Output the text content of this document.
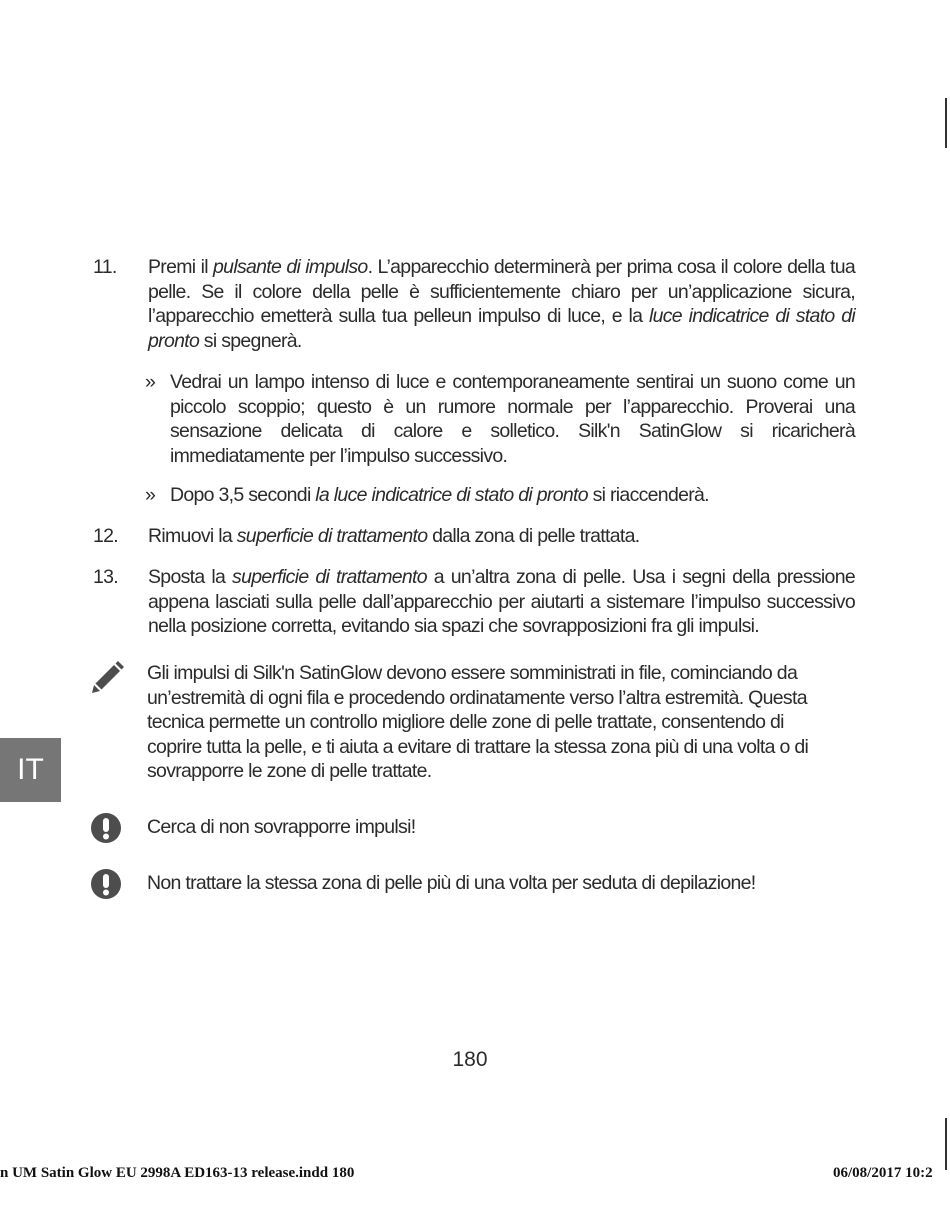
11. Premi il pulsante di impulso. L’apparecchio determinerà per prima cosa il colore della tua pelle. Se il colore della pelle è sufficientemente chiaro per un’applicazione sicura, l’apparecchio emetterà sulla tua pelleun impulso di luce, e la luce indicatrice di stato di pronto si spegnerà.
» Vedrai un lampo intenso di luce e contemporaneamente sentirai un suono come un piccolo scoppio; questo è un rumore normale per l’apparecchio. Proverai una sensazione delicata di calore e solletico. Silk'n SatinGlow si ricaricherà immediatamente per l’impulso successivo.
» Dopo 3,5 secondi la luce indicatrice di stato di pronto si riaccenderà.
12. Rimuovi la superficie di trattamento dalla zona di pelle trattata.
13. Sposta la superficie di trattamento a un’altra zona di pelle. Usa i segni della pressione appena lasciati sulla pelle dall’apparecchio per aiutarti a sistemare l’impulso successivo nella posizione corretta, evitando sia spazi che sovrapposizioni fra gli impulsi.
Gli impulsi di Silk'n SatinGlow devono essere somministrati in file, cominciando da un’estremità di ogni fila e procedendo ordinatamente verso l’altra estremità. Questa tecnica permette un controllo migliore delle zone di pelle trattate, consentendo di coprire tutta la pelle, e ti aiuta a evitare di trattare la stessa zona più di una volta o di sovrapporre le zone di pelle trattate.
Cerca di non sovrapporre impulsi!
Non trattare la stessa zona di pelle più di una volta per seduta di depilazione!
IT
180
n UM Satin Glow EU 2998A ED163-13 release.indd 180	06/08/2017 10:2
